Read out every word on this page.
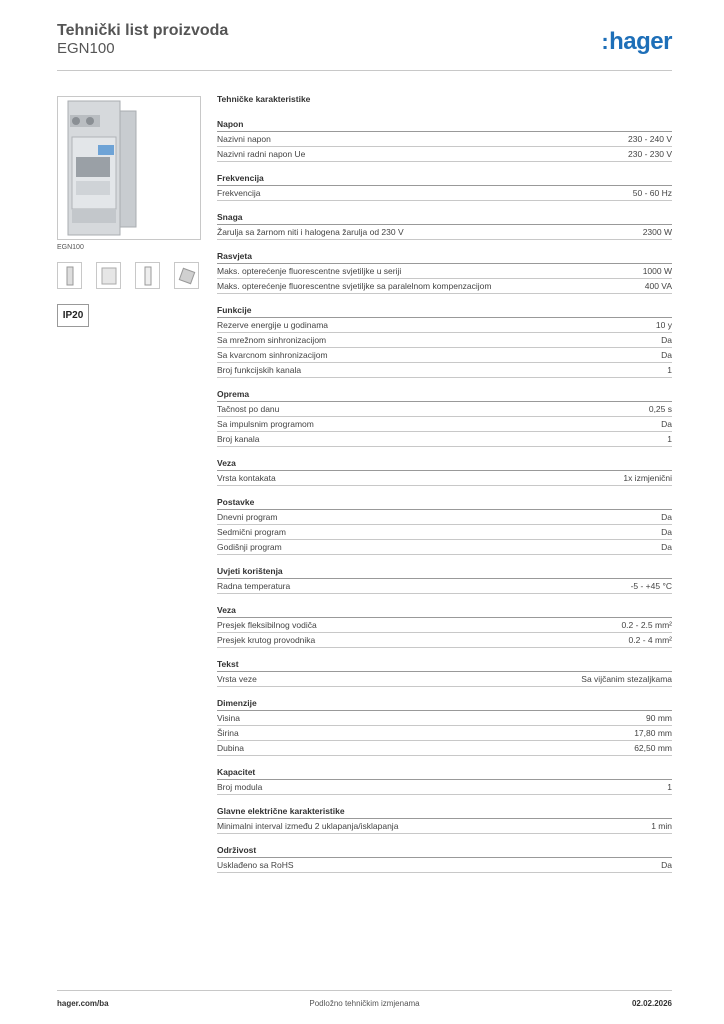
Tehnički list proizvoda
EGN100	:hager
EGN100
IP20
Tehničke karakteristike
Napon
Nazivni napon	230 - 240 V
Nazivni radni napon Ue	230 - 230 V
Frekvencija
Frekvencija	50 - 60 Hz
Snaga
Žarulja sa žarnom niti i halogena žarulja od 230 V	2300 W
Rasvjeta
Maks. opterećenje fluorescentne svjetiljke u seriji	1000 W
Maks. opterećenje fluorescentne svjetiljke sa paralelnom kompenzacijom	400 VA
Funkcije
Rezerve energije u godinama	10 y
Sa mrežnom sinhronizacijom	Da
Sa kvarcnom sinhronizacijom	Da
Broj funkcijskih kanala	1
Oprema
Tačnost po danu	0,25 s
Sa impulsnim programom	Da
Broj kanala	1
Veza
Vrsta kontakata	1x izmjenični
Postavke
Dnevni program	Da
Sedmični program	Da
Godišnji program	Da
Uvjeti korištenja
Radna temperatura	-5 - +45 °C
Veza
Presjek fleksibilnog vodiča	0.2 - 2.5 mm²
Presjek krutog provodnika	0.2 - 4 mm²
Tekst
Vrsta veze	Sa vijčanim stezaljkama
Dimenzije
Visina	90 mm
Širina	17,80 mm
Dubina	62,50 mm
Kapacitet
Broj modula	1
Glavne električne karakteristike
Minimalni interval između 2 uklapanja/isklapanja	1 min
Održivost
Usklađeno sa RoHS	Da
hager.com/ba	Podložno tehničkim izmjenama	02.02.2026
